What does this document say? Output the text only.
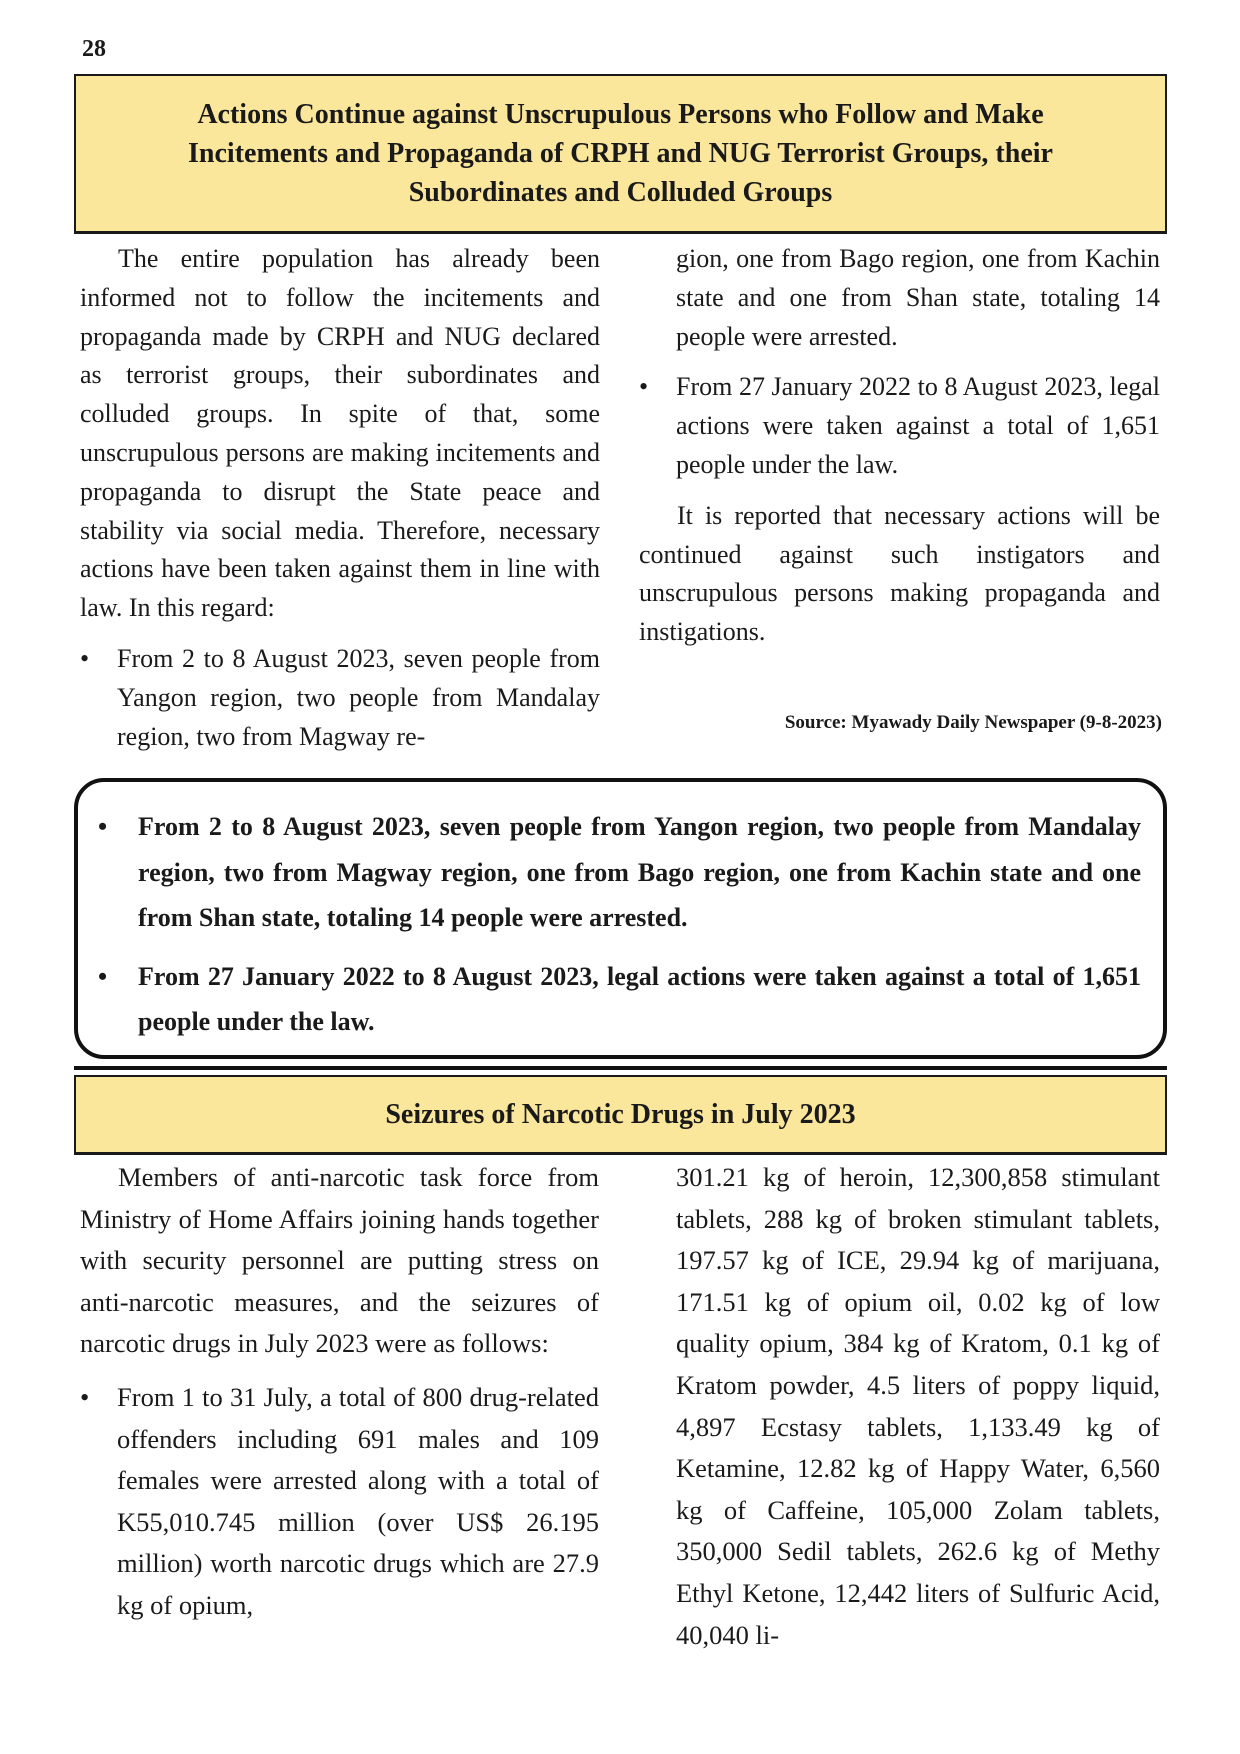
28
Actions Continue against Unscrupulous Persons who Follow and Make
Incitements and Propaganda of CRPH and NUG Terrorist Groups, their
Subordinates and Colluded Groups

The entire population has already been informed not to follow the incitements and propaganda made by CRPH and NUG declared as terrorist groups, their subordinates and colluded groups. In spite of that, some unscrupulous persons are making incitements and propaganda to disrupt the State peace and stability via social media. Therefore, necessary actions have been taken against them in line with law. In this regard:

• From 2 to 8 August 2023, seven people from Yangon region, two people from Mandalay region, two from Magway re-

gion, one from Bago region, one from Kachin state and one from Shan state, totaling 14 people were arrested.

• From 27 January 2022 to 8 August 2023, legal actions were taken against a total of 1,651 people under the law.

It is reported that necessary actions will be continued against such instigators and unscrupulous persons making propaganda and instigations.

Source: Myawady Daily Newspaper (9-8-2023)

• From 2 to 8 August 2023, seven people from Yangon region, two people from Mandalay region, two from Magway region, one from Bago region, one from Kachin state and one from Shan state, totaling 14 people were arrested.

• From 27 January 2022 to 8 August 2023, legal actions were taken against a total of 1,651 people under the law.

Seizures of Narcotic Drugs in July 2023

Members of anti-narcotic task force from Ministry of Home Affairs joining hands together with security personnel are putting stress on anti-narcotic measures, and the seizures of narcotic drugs in July 2023 were as follows:

• From 1 to 31 July, a total of 800 drug-related offenders including 691 males and 109 females were arrested along with a total of K55,010.745 million (over US$ 26.195 million) worth narcotic drugs which are 27.9 kg of opium,

301.21 kg of heroin, 12,300,858 stimulant tablets, 288 kg of broken stimulant tablets, 197.57 kg of ICE, 29.94 kg of marijuana, 171.51 kg of opium oil, 0.02 kg of low quality opium, 384 kg of Kratom, 0.1 kg of Kratom powder, 4.5 liters of poppy liquid, 4,897 Ecstasy tablets, 1,133.49 kg of Ketamine, 12.82 kg of Happy Water, 6,560 kg of Caffeine, 105,000 Zolam tablets, 350,000 Sedil tablets, 262.6 kg of Methy Ethyl Ketone, 12,442 liters of Sulfuric Acid, 40,040 li-
